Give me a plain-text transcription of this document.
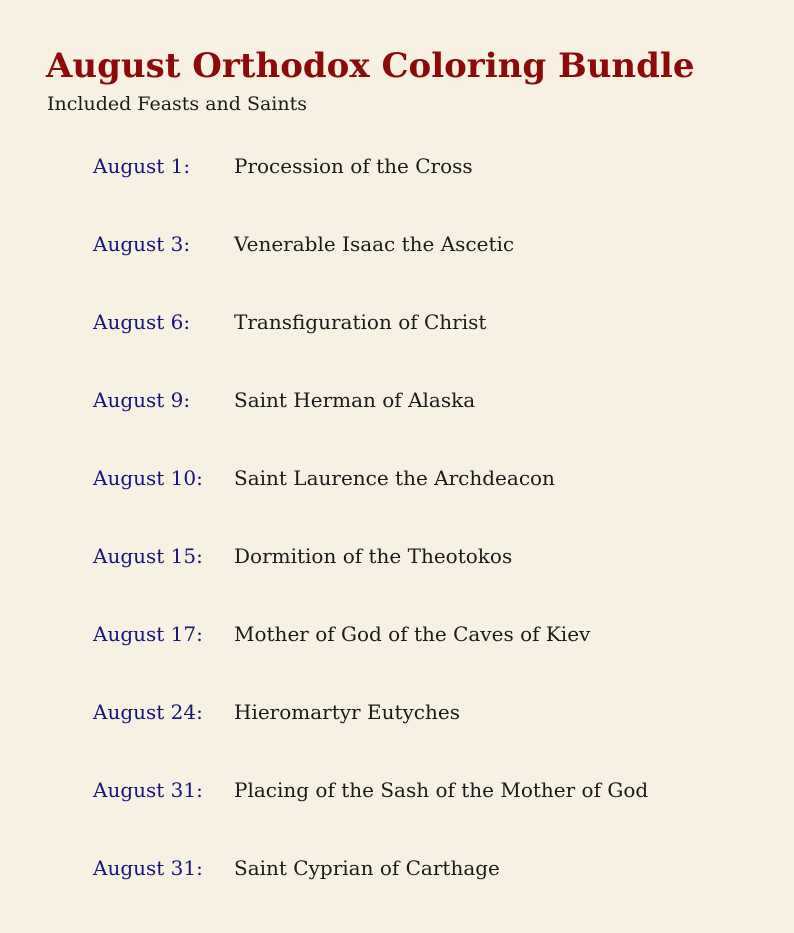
August Orthodox Coloring Bundle

Included Feasts and Saints

August 1: Procession of the Cross
August 3: Venerable Isaac the Ascetic
August 6: Transfiguration of Christ
August 9: Saint Herman of Alaska
August 10: Saint Laurence the Archdeacon
August 15: Dormition of the Theotokos
August 17: Mother of God of the Caves of Kiev
August 24: Hieromartyr Eutyches
August 31: Placing of the Sash of the Mother of God
August 31: Saint Cyprian of Carthage
